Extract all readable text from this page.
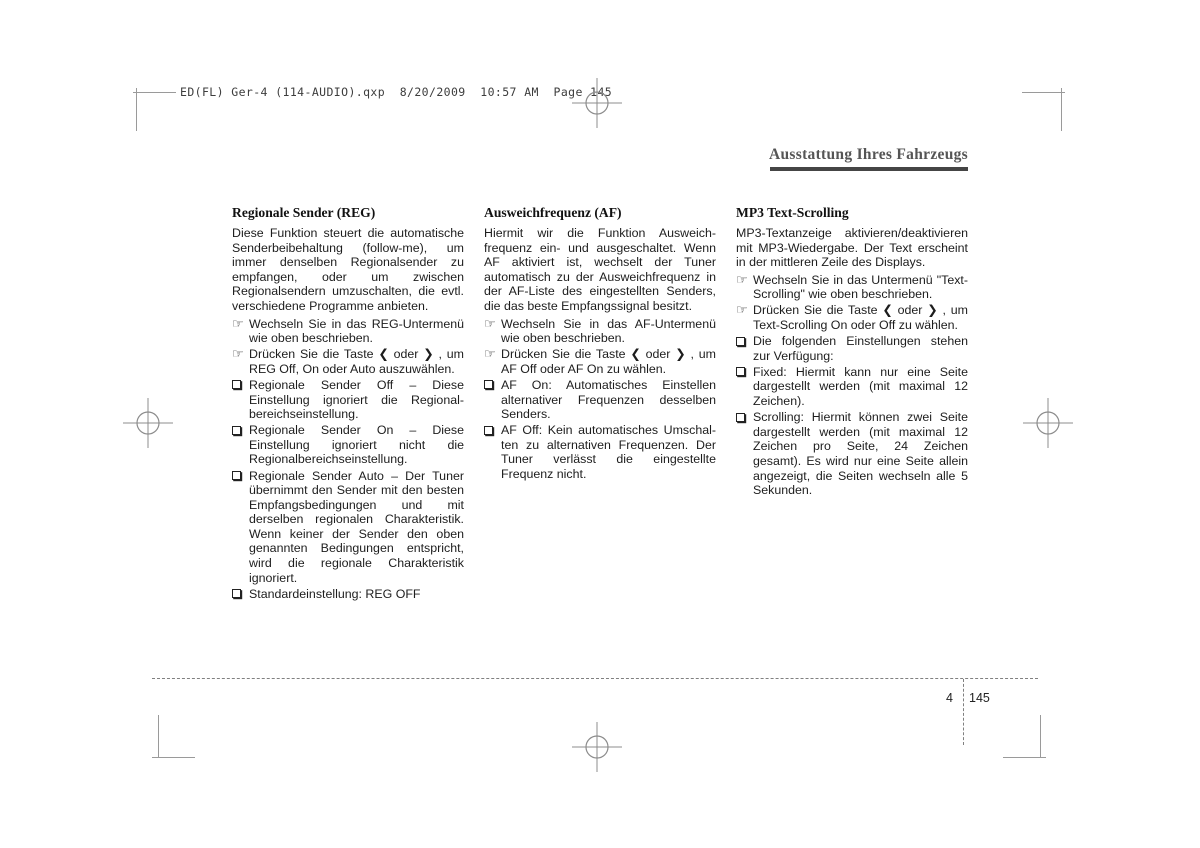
ED(FL) Ger-4 (114-AUDIO).qxp  8/20/2009  10:57 AM  Page 145
Ausstattung Ihres Fahrzeugs
Regionale Sender (REG)

Diese Funktion steuert die automatische Senderbeibehaltung (follow-me), um immer denselben Regionalsender zu empfangen, oder um zwischen Regionalsendern umzuschalten, die evtl. verschiedene Programme anbieten.

☞ Wechseln Sie in das REG-Untermenü wie oben beschrieben.
☞ Drücken Sie die Taste ❮ oder ❯ , um REG Off, On oder Auto auszuwählen.
Regionale Sender Off – Diese Einstellung ignoriert die Regionalbereichseinstellung.
Regionale Sender On – Diese Einstellung ignoriert nicht die Regionalbereichseinstellung.
Regionale Sender Auto – Der Tuner übernimmt den Sender mit den besten Empfangsbedingungen und mit derselben regionalen Charakteristik. Wenn keiner der Sender den oben genannten Bedingungen entspricht, wird die regionale Charakteristik ignoriert.
Standardeinstellung: REG OFF
Ausweichfrequenz (AF)

Hiermit wir die Funktion Ausweichfrequenz ein- und ausgeschaltet. Wenn AF aktiviert ist, wechselt der Tuner automatisch zu der Ausweichfrequenz in der AF-Liste des eingestellten Senders, die das beste Empfangssignal besitzt.

☞ Wechseln Sie in das AF-Untermenü wie oben beschrieben.
☞ Drücken Sie die Taste ❮ oder ❯ , um AF Off oder AF On zu wählen.
AF On: Automatisches Einstellen alternativer Frequenzen desselben Senders.
AF Off: Kein automatisches Umschalten zu alternativen Frequenzen. Der Tuner verlässt die eingestellte Frequenz nicht.
MP3 Text-Scrolling

MP3-Textanzeige aktivieren/deaktivieren mit MP3-Wiedergabe. Der Text erscheint in der mittleren Zeile des Displays.

☞ Wechseln Sie in das Untermenü "Text-Scrolling" wie oben beschrieben.
☞ Drücken Sie die Taste ❮ oder ❯ , um Text-Scrolling On oder Off zu wählen.
Die folgenden Einstellungen stehen zur Verfügung:
Fixed: Hiermit kann nur eine Seite dargestellt werden (mit maximal 12 Zeichen).
Scrolling: Hiermit können zwei Seite dargestellt werden (mit maximal 12 Zeichen pro Seite, 24 Zeichen gesamt). Es wird nur eine Seite allein angezeigt, die Seiten wechseln alle 5 Sekunden.
4 145
